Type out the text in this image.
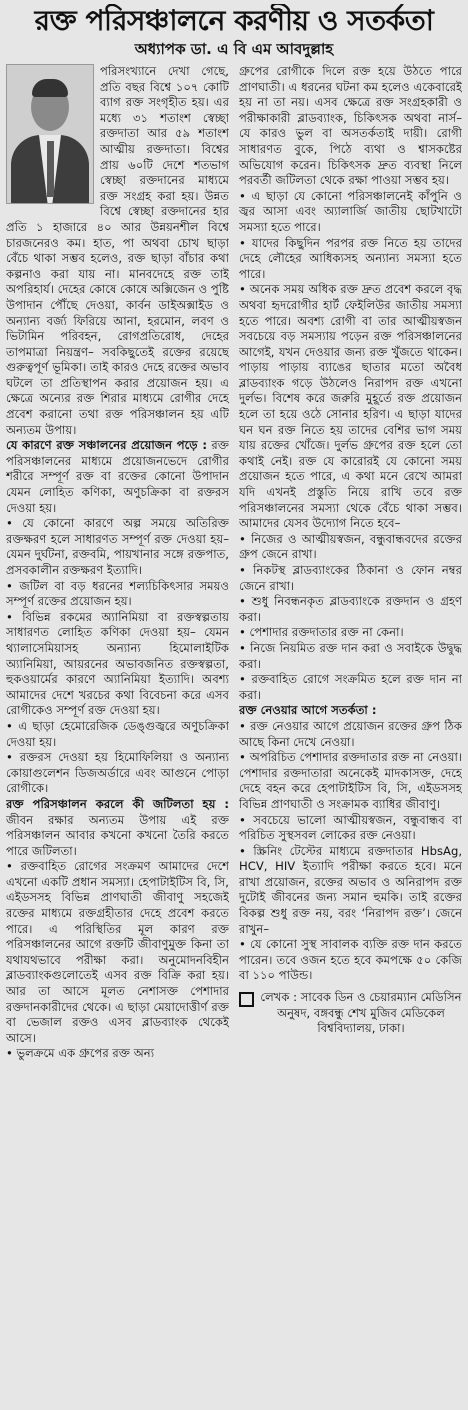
রক্ত পরিসঞ্চালনে করণীয় ও সতর্কতা
অধ্যাপক ডা. এ বি এম আবদুল্লাহ

পরিসংখ্যানে দেখা গেছে, প্রতি বছর বিশ্বে ১০৭ কোটি ব্যাগ রক্ত সংগৃহীত হয়। এর মধ্যে ৩১ শতাংশ স্বেচ্ছা রক্তদাতা আর ৫৯ শতাংশ আত্মীয় রক্তদাতা। বিশ্বের প্রায় ৬০টি দেশে শতভাগ স্বেচ্ছা রক্তদানের মাধ্যমে রক্ত সংগ্রহ করা হয়। উন্নত বিশ্বে স্বেচ্ছা রক্তদানের হার প্রতি ১ হাজারে ৪০ আর উন্নয়নশীল বিশ্বে চারজনেরও কম। হাত, পা অথবা চোখ ছাড়া বেঁচে থাকা সম্ভব হলেও, রক্ত ছাড়া বাঁচার কথা কল্পনাও করা যায় না। মানবদেহে রক্ত তাই অপরিহার্য। দেহের কোষে কোষে অক্সিজেন ও পুষ্টি উপাদান পৌঁছে দেওয়া, কার্বন ডাইঅক্সাইড ও অন্যান্য বর্জ্য ফিরিয়ে আনা, হরমোন, লবণ ও ভিটামিন পরিবহন, রোগপ্রতিরোধ, দেহের তাপমাত্রা নিয়ন্ত্রণ– সবকিছুতেই রক্তের রয়েছে গুরুত্বপূর্ণ ভূমিকা। তাই কারও দেহে রক্তের অভাব ঘটলে তা প্রতিস্থাপন করার প্রয়োজন হয়। এ ক্ষেত্রে অন্যের রক্ত শিরার মাধ্যমে রোগীর দেহে প্রবেশ করানো তথা রক্ত পরিসঞ্চালন হয় এটি অন্যতম উপায়।

যে কারণে রক্ত সঞ্চালনের প্রয়োজন পড়ে : রক্ত পরিসঞ্চালনের মাধ্যমে প্রয়োজনভেদে রোগীর শরীরে সম্পূর্ণ রক্ত বা রক্তের কোনো উপাদান যেমন লোহিত কণিকা, অণুচক্রিকা বা রক্তরস দেওয়া হয়।

• যে কোনো কারণে অল্প সময়ে অতিরিক্ত রক্তক্ষরণ হলে সাধারণত সম্পূর্ণ রক্ত দেওয়া হয়– যেমন দুর্ঘটনা, রক্তবমি, পায়খানার সঙ্গে রক্তপাত, প্রসবকালীন রক্তক্ষরণ ইত্যাদি।

• জটিল বা বড় ধরনের শল্যচিকিৎসার সময়ও সম্পূর্ণ রক্তের প্রয়োজন হয়।

• বিভিন্ন রকমের অ্যানিমিয়া বা রক্তস্বল্পতায় সাধারণত লোহিত কণিকা দেওয়া হয়– যেমন থ্যালাসেমিয়াসহ অন্যান্য হিমোলাইটিক অ্যানিমিয়া, আয়রনের অভাবজনিত রক্তস্বল্পতা, হুকওয়ার্মের কারণে অ্যানিমিয়া ইত্যাদি। অবশ্য আমাদের দেশে খরচের কথা বিবেচনা করে এসব রোগীকেও সম্পূর্ণ রক্ত দেওয়া হয়।

• এ ছাড়া হেমোরেজিক ডেঙ্গুজ্বরে অণুচক্রিকা দেওয়া হয়।

• রক্তরস দেওয়া হয় হিমোফিলিয়া ও অন্যান্য কোয়াগুলেশন ডিজঅর্ডারে এবং আগুনে পোড়া রোগীকে।

রক্ত পরিসঞ্চালন করলে কী জটিলতা হয় : জীবন রক্ষার অন্যতম উপায় এই রক্ত পরিসঞ্চালন আবার কখনো কখনো তৈরি করতে পারে জটিলতা।

• রক্তবাহিত রোগের সংক্রমণ আমাদের দেশে এখনো একটি প্রধান সমস্যা। হেপাটাইটিস বি, সি, এইডসসহ বিভিন্ন প্রাণঘাতী জীবাণু সহজেই রক্তের মাধ্যমে রক্তগ্রহীতার দেহে প্রবেশ করতে পারে। এ পরিস্থিতির মূল কারণ রক্ত পরিসঞ্চালনের আগে রক্তটি জীবাণুমুক্ত কিনা তা যথাযথভাবে পরীক্ষা করা। অনুমোদনবিহীন ব্লাডব্যাংকগুলোতেই এসব রক্ত বিক্রি করা হয়। আর তা আসে মূলত নেশাসক্ত পেশাদার রক্তদানকারীদের থেকে। এ ছাড়া মেয়াদোত্তীর্ণ রক্ত বা ভেজাল রক্তও এসব ব্লাডব্যাংক থেকেই আসে।

• ভুলক্রমে এক গ্রুপের রক্ত অন্য

গ্রুপের রোগীকে দিলে রক্ত হয়ে উঠতে পারে প্রাণঘাতী। এ ধরনের ঘটনা কম হলেও একেবারেই হয় না তা নয়। এসব ক্ষেত্রে রক্ত সংগ্রহকারী ও পরীক্ষাকারী ব্লাডব্যাংক, চিকিৎসক অথবা নার্স– যে কারও ভুল বা অসতর্কতাই দায়ী। রোগী সাধারণত বুকে, পিঠে ব্যথা ও শ্বাসকষ্টের অভিযোগ করেন। চিকিৎসক দ্রুত ব্যবস্থা নিলে পরবর্তী জটিলতা থেকে রক্ষা পাওয়া সম্ভব হয়।

• এ ছাড়া যে কোনো পরিসঞ্চালনেই কাঁপুনি ও জ্বর আসা এবং অ্যালার্জি জাতীয় ছোটখাটো সমস্যা হতে পারে।

• যাদের কিছুদিন পরপর রক্ত নিতে হয় তাদের দেহে লৌহের আধিক্যসহ অন্যান্য সমস্যা হতে পারে।

• অনেক সময় অধিক রক্ত দ্রুত প্রবেশ করলে বৃদ্ধ অথবা হৃদরোগীর হার্ট ফেইলিউর জাতীয় সমস্যা হতে পারে। অবশ্য রোগী বা তার আত্মীয়স্বজন সবচেয়ে বড় সমস্যায় পড়েন রক্ত পরিসঞ্চালনের আগেই, যখন দেওয়ার জন্য রক্ত খুঁজতে থাকেন। পাড়ায় পাড়ায় ব্যাঙের ছাতার মতো অবৈধ ব্লাডব্যাংক গড়ে উঠলেও নিরাপদ রক্ত এখনো দুর্লভ। বিশেষ করে জরুরি মুহূর্তে রক্ত প্রয়োজন হলে তা হয়ে ওঠে সোনার হরিণ। এ ছাড়া যাদের ঘন ঘন রক্ত নিতে হয় তাদের বেশির ভাগ সময় যায় রক্তের খোঁজে। দুর্লভ গ্রুপের রক্ত হলে তো কথাই নেই। রক্ত যে কারোরই যে কোনো সময় প্রয়োজন হতে পারে, এ কথা মনে রেখে আমরা যদি এখনই প্রস্তুতি নিয়ে রাখি তবে রক্ত পরিসঞ্চালনের সমস্যা থেকে বেঁচে থাকা সম্ভব। আমাদের যেসব উদ্যোগ নিতে হবে–

• নিজের ও আত্মীয়স্বজন, বন্ধুবান্ধবদের রক্তের গ্রুপ জেনে রাখা।

• নিকটস্থ ব্লাডব্যাংকের ঠিকানা ও ফোন নম্বর জেনে রাখা।

• শুধু নিবন্ধনকৃত ব্লাডব্যাংকে রক্তদান ও গ্রহণ করা।

• পেশাদার রক্তদাতার রক্ত না কেনা।

• নিজে নিয়মিত রক্ত দান করা ও সবাইকে উদ্বুদ্ধ করা।

• রক্তবাহিত রোগে সংক্রমিত হলে রক্ত দান না করা।

রক্ত নেওয়ার আগে সতর্কতা :

• রক্ত নেওয়ার আগে প্রয়োজন রক্তের গ্রুপ ঠিক আছে কিনা দেখে নেওয়া।

• অপরিচিত পেশাদার রক্তদাতার রক্ত না নেওয়া। পেশাদার রক্তদাতারা অনেকেই মাদকাসক্ত, দেহে দেহে বহন করে হেপাটাইটিস বি, সি, এইডসসহ বিভিন্ন প্রাণঘাতী ও সংক্রামক ব্যাধির জীবাণু।

• সবচেয়ে ভালো আত্মীয়স্বজন, বন্ধুবান্ধব বা পরিচিত সুস্থসবল লোকের রক্ত নেওয়া।

• স্ক্রিনিং টেস্টের মাধ্যমে রক্তদাতার HbsAg, HCV, HIV ইত্যাদি পরীক্ষা করতে হবে। মনে রাখা প্রয়োজন, রক্তের অভাব ও অনিরাপদ রক্ত দুটোই জীবনের জন্য সমান হুমকি। তাই রক্তের বিকল্প শুধু রক্ত নয়, বরং ‘নিরাপদ রক্ত’। জেনে রাখুন–

• যে কোনো সুস্থ সাবালক ব্যক্তি রক্ত দান করতে পারেন। তবে ওজন হতে হবে কমপক্ষে ৫০ কেজি বা ১১০ পাউন্ড।

লেখক : সাবেক ডিন ও চেয়ারম্যান মেডিসিন অনুষদ, বঙ্গবন্ধু শেখ মুজিব মেডিকেল বিশ্ববিদ্যালয়, ঢাকা।
